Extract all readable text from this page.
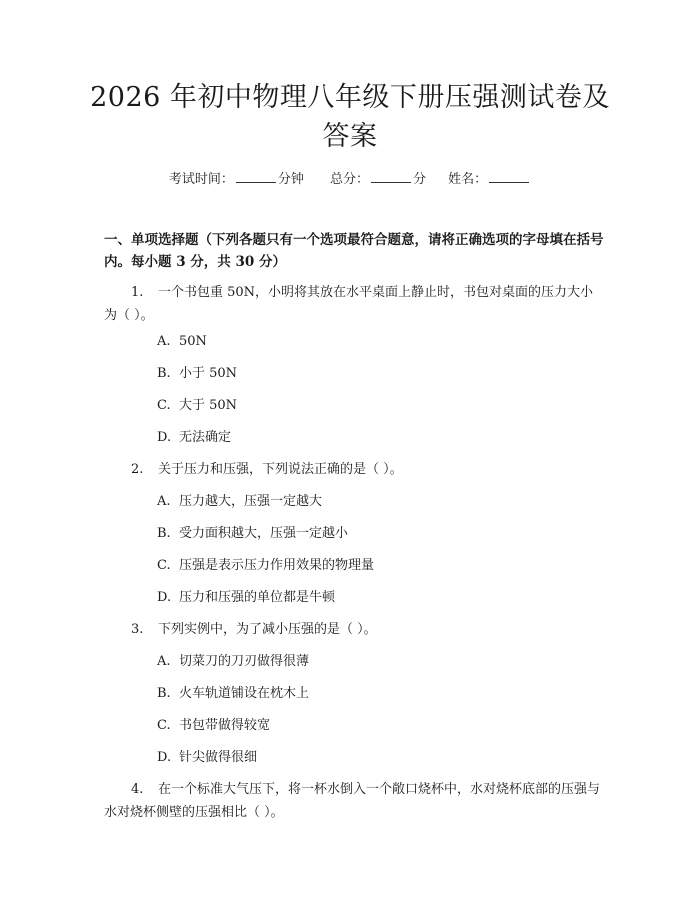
2026 年初中物理八年级下册压强测试卷及答案
考试时间：	分钟 总分：	分 姓名：

一、单项选择题（下列各题只有一个选项最符合题意，请将正确选项的字母填在括号内。每小题 3 分，共 30 分）

1. 一个书包重 50N，小明将其放在水平桌面上静止时，书包对桌面的压力大小为（ ）。

A. 50N
B. 小于 50N
C. 大于 50N
D. 无法确定

2. 关于压力和压强，下列说法正确的是（ ）。

A. 压力越大，压强一定越大
B. 受力面积越大，压强一定越小
C. 压强是表示压力作用效果的物理量
D. 压力和压强的单位都是牛顿

3. 下列实例中，为了减小压强的是（ ）。

A. 切菜刀的刀刃做得很薄
B. 火车轨道铺设在枕木上
C. 书包带做得较宽
D. 针尖做得很细

4. 在一个标准大气压下，将一杯水倒入一个敞口烧杯中，水对烧杯底部的压强与水对烧杯侧壁的压强相比（ ）。
